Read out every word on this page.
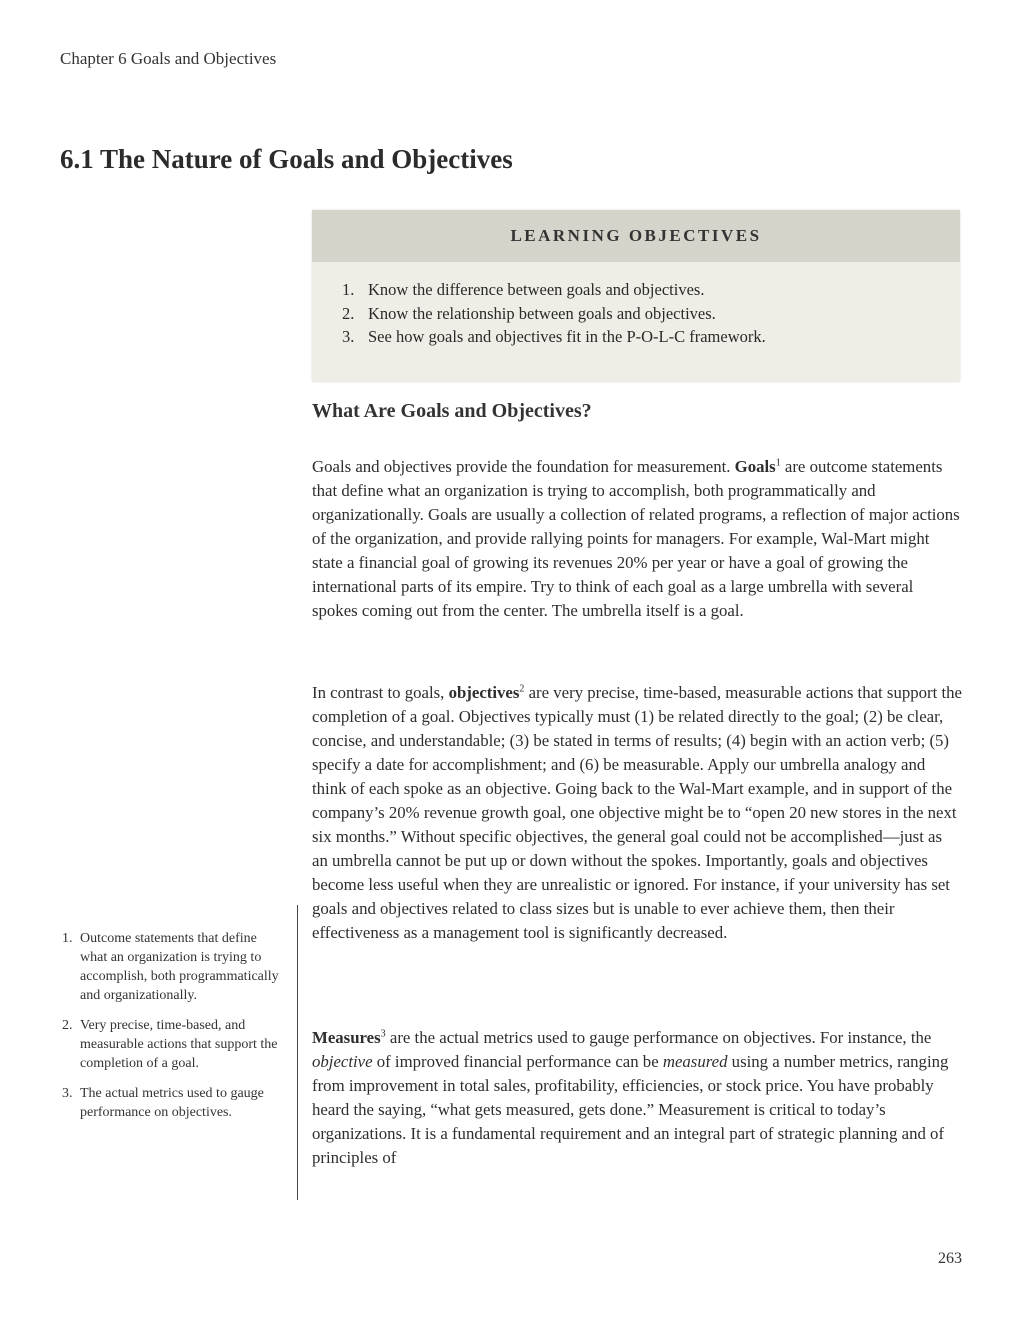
Chapter 6 Goals and Objectives
6.1 The Nature of Goals and Objectives
LEARNING OBJECTIVES
1. Know the difference between goals and objectives.
2. Know the relationship between goals and objectives.
3. See how goals and objectives fit in the P-O-L-C framework.
What Are Goals and Objectives?

Goals and objectives provide the foundation for measurement. Goals$^1$ are outcome statements that define what an organization is trying to accomplish, both programmatically and organizationally. Goals are usually a collection of related programs, a reflection of major actions of the organization, and provide rallying points for managers. For example, Wal-Mart might state a financial goal of growing its revenues 20% per year or have a goal of growing the international parts of its empire. Try to think of each goal as a large umbrella with several spokes coming out from the center. The umbrella itself is a goal.

In contrast to goals, objectives$^2$ are very precise, time-based, measurable actions that support the completion of a goal. Objectives typically must (1) be related directly to the goal; (2) be clear, concise, and understandable; (3) be stated in terms of results; (4) begin with an action verb; (5) specify a date for accomplishment; and (6) be measurable. Apply our umbrella analogy and think of each spoke as an objective. Going back to the Wal-Mart example, and in support of the company’s 20% revenue growth goal, one objective might be to “open 20 new stores in the next six months.” Without specific objectives, the general goal could not be accomplished—just as an umbrella cannot be put up or down without the spokes. Importantly, goals and objectives become less useful when they are unrealistic or ignored. For instance, if your university has set goals and objectives related to class sizes but is unable to ever achieve them, then their effectiveness as a management tool is significantly decreased.

Measures$^3$ are the actual metrics used to gauge performance on objectives. For instance, the objective of improved financial performance can be measured using a number metrics, ranging from improvement in total sales, profitability, efficiencies, or stock price. You have probably heard the saying, “what gets measured, gets done.” Measurement is critical to today’s organizations. It is a fundamental requirement and an integral part of strategic planning and of principles of

1. Outcome statements that define what an organization is trying to accomplish, both programmatically and organizationally.
2. Very precise, time-based, and measurable actions that support the completion of a goal.
3. The actual metrics used to gauge performance on objectives.
263
